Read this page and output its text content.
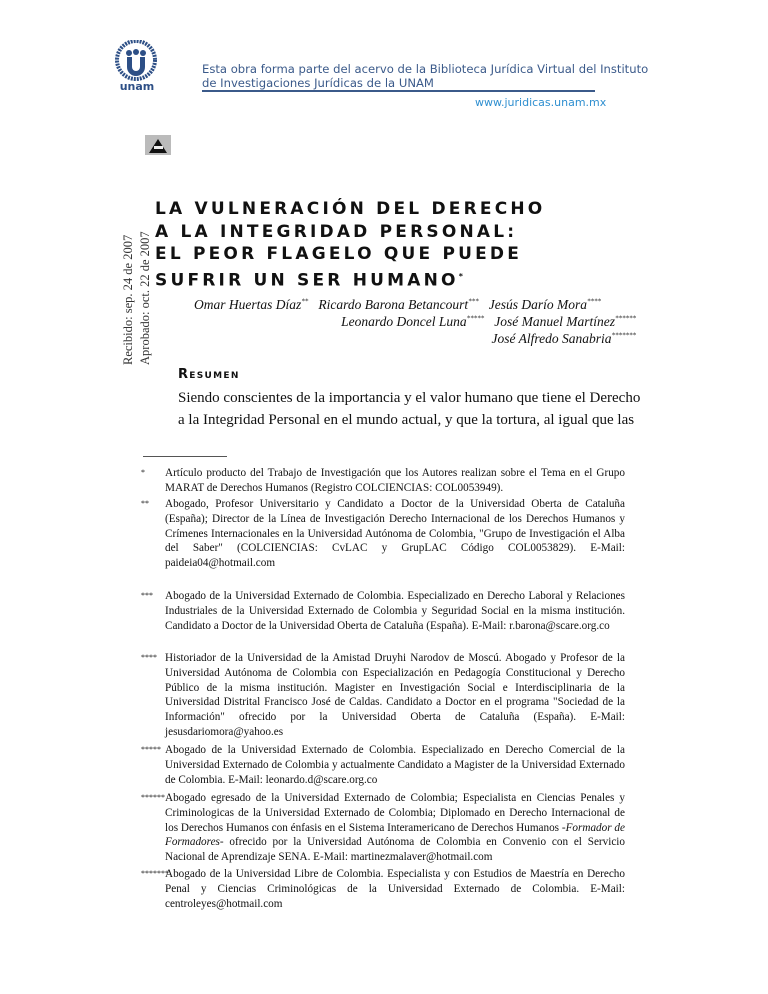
unam
Esta obra forma parte del acervo de la Biblioteca Jurídica Virtual del Instituto
de Investigaciones Jurídicas de la UNAM
www.juridicas.unam.mx
LA VULNERACIÓN DEL DERECHO
A LA INTEGRIDAD PERSONAL:
EL PEOR FLAGELO QUE PUEDE
SUFRIR UN SER HUMANO*
Recibido: sep. 24 de 2007 Aprobado: oct. 22 de 2007	Omar Huertas Díaz** Ricardo Barona Betancourt*** Jesús Darío Mora****
Leonardo Doncel Luna***** José Manuel Martínez******
José Alfredo Sanabria*******
Resumen
Siendo conscientes de la importancia y el valor humano que tiene el Derecho a la Integridad Personal en el mundo actual, y que la tortura, al igual que las
*	Artículo producto del Trabajo de Investigación que los Autores realizan sobre el Tema en el Grupo MARAT de Derechos Humanos (Registro COLCIENCIAS: COL0053949).
**	Abogado, Profesor Universitario y Candidato a Doctor de la Universidad Oberta de Cataluña (España); Director de la Línea de Investigación Derecho Internacional de los Derechos Humanos y Crímenes Internacionales en la Universidad Autónoma de Colombia, "Grupo de Investigación el Alba del Saber" (COLCIENCIAS: CvLAC y GrupLAC Código COL0053829). E-Mail: paideia04@hotmail.com
***	Abogado de la Universidad Externado de Colombia. Especializado en Derecho Laboral y Relaciones Industriales de la Universidad Externado de Colombia y Seguridad Social en la misma institución. Candidato a Doctor de la Universidad Oberta de Cataluña (España). E-Mail: r.barona@scare.org.co
**** Historiador de la Universidad de la Amistad Druyhi Narodov de Moscú. Abogado y Profesor de la Universidad Autónoma de Colombia con Especialización en Pedagogía Constitucional y Derecho Público de la misma institución. Magister en Investigación Social e Interdisciplinaria de la Universidad Distrital Francisco José de Caldas. Candidato a Doctor en el programa "Sociedad de la Información" ofrecido por la Universidad Oberta de Cataluña (España). E-Mail: jesusdariomora@yahoo.es
***** Abogado de la Universidad Externado de Colombia. Especializado en Derecho Comercial de la Universidad Externado de Colombia y actualmente Candidato a Magister de la Universidad Externado de Colombia. E-Mail: leonardo.d@scare.org.co
****** Abogado egresado de la Universidad Externado de Colombia; Especialista en Ciencias Penales y Criminologicas de la Universidad Externado de Colombia; Diplomado en Derecho Internacional de los Derechos Humanos con énfasis en el Sistema Interamericano de Derechos Humanos -Formador de Formadores- ofrecido por la Universidad Autónoma de Colombia en Convenio con el Servicio Nacional de Aprendizaje SENA. E-Mail: martinezmalaver@hotmail.com
*******
Abogado de la Universidad Libre de Colombia. Especialista y con Estudios de Maestría en Derecho Penal y Ciencias Criminológicas de la Universidad Externado de Colombia. E-Mail: centroleyes@hotmail.com
